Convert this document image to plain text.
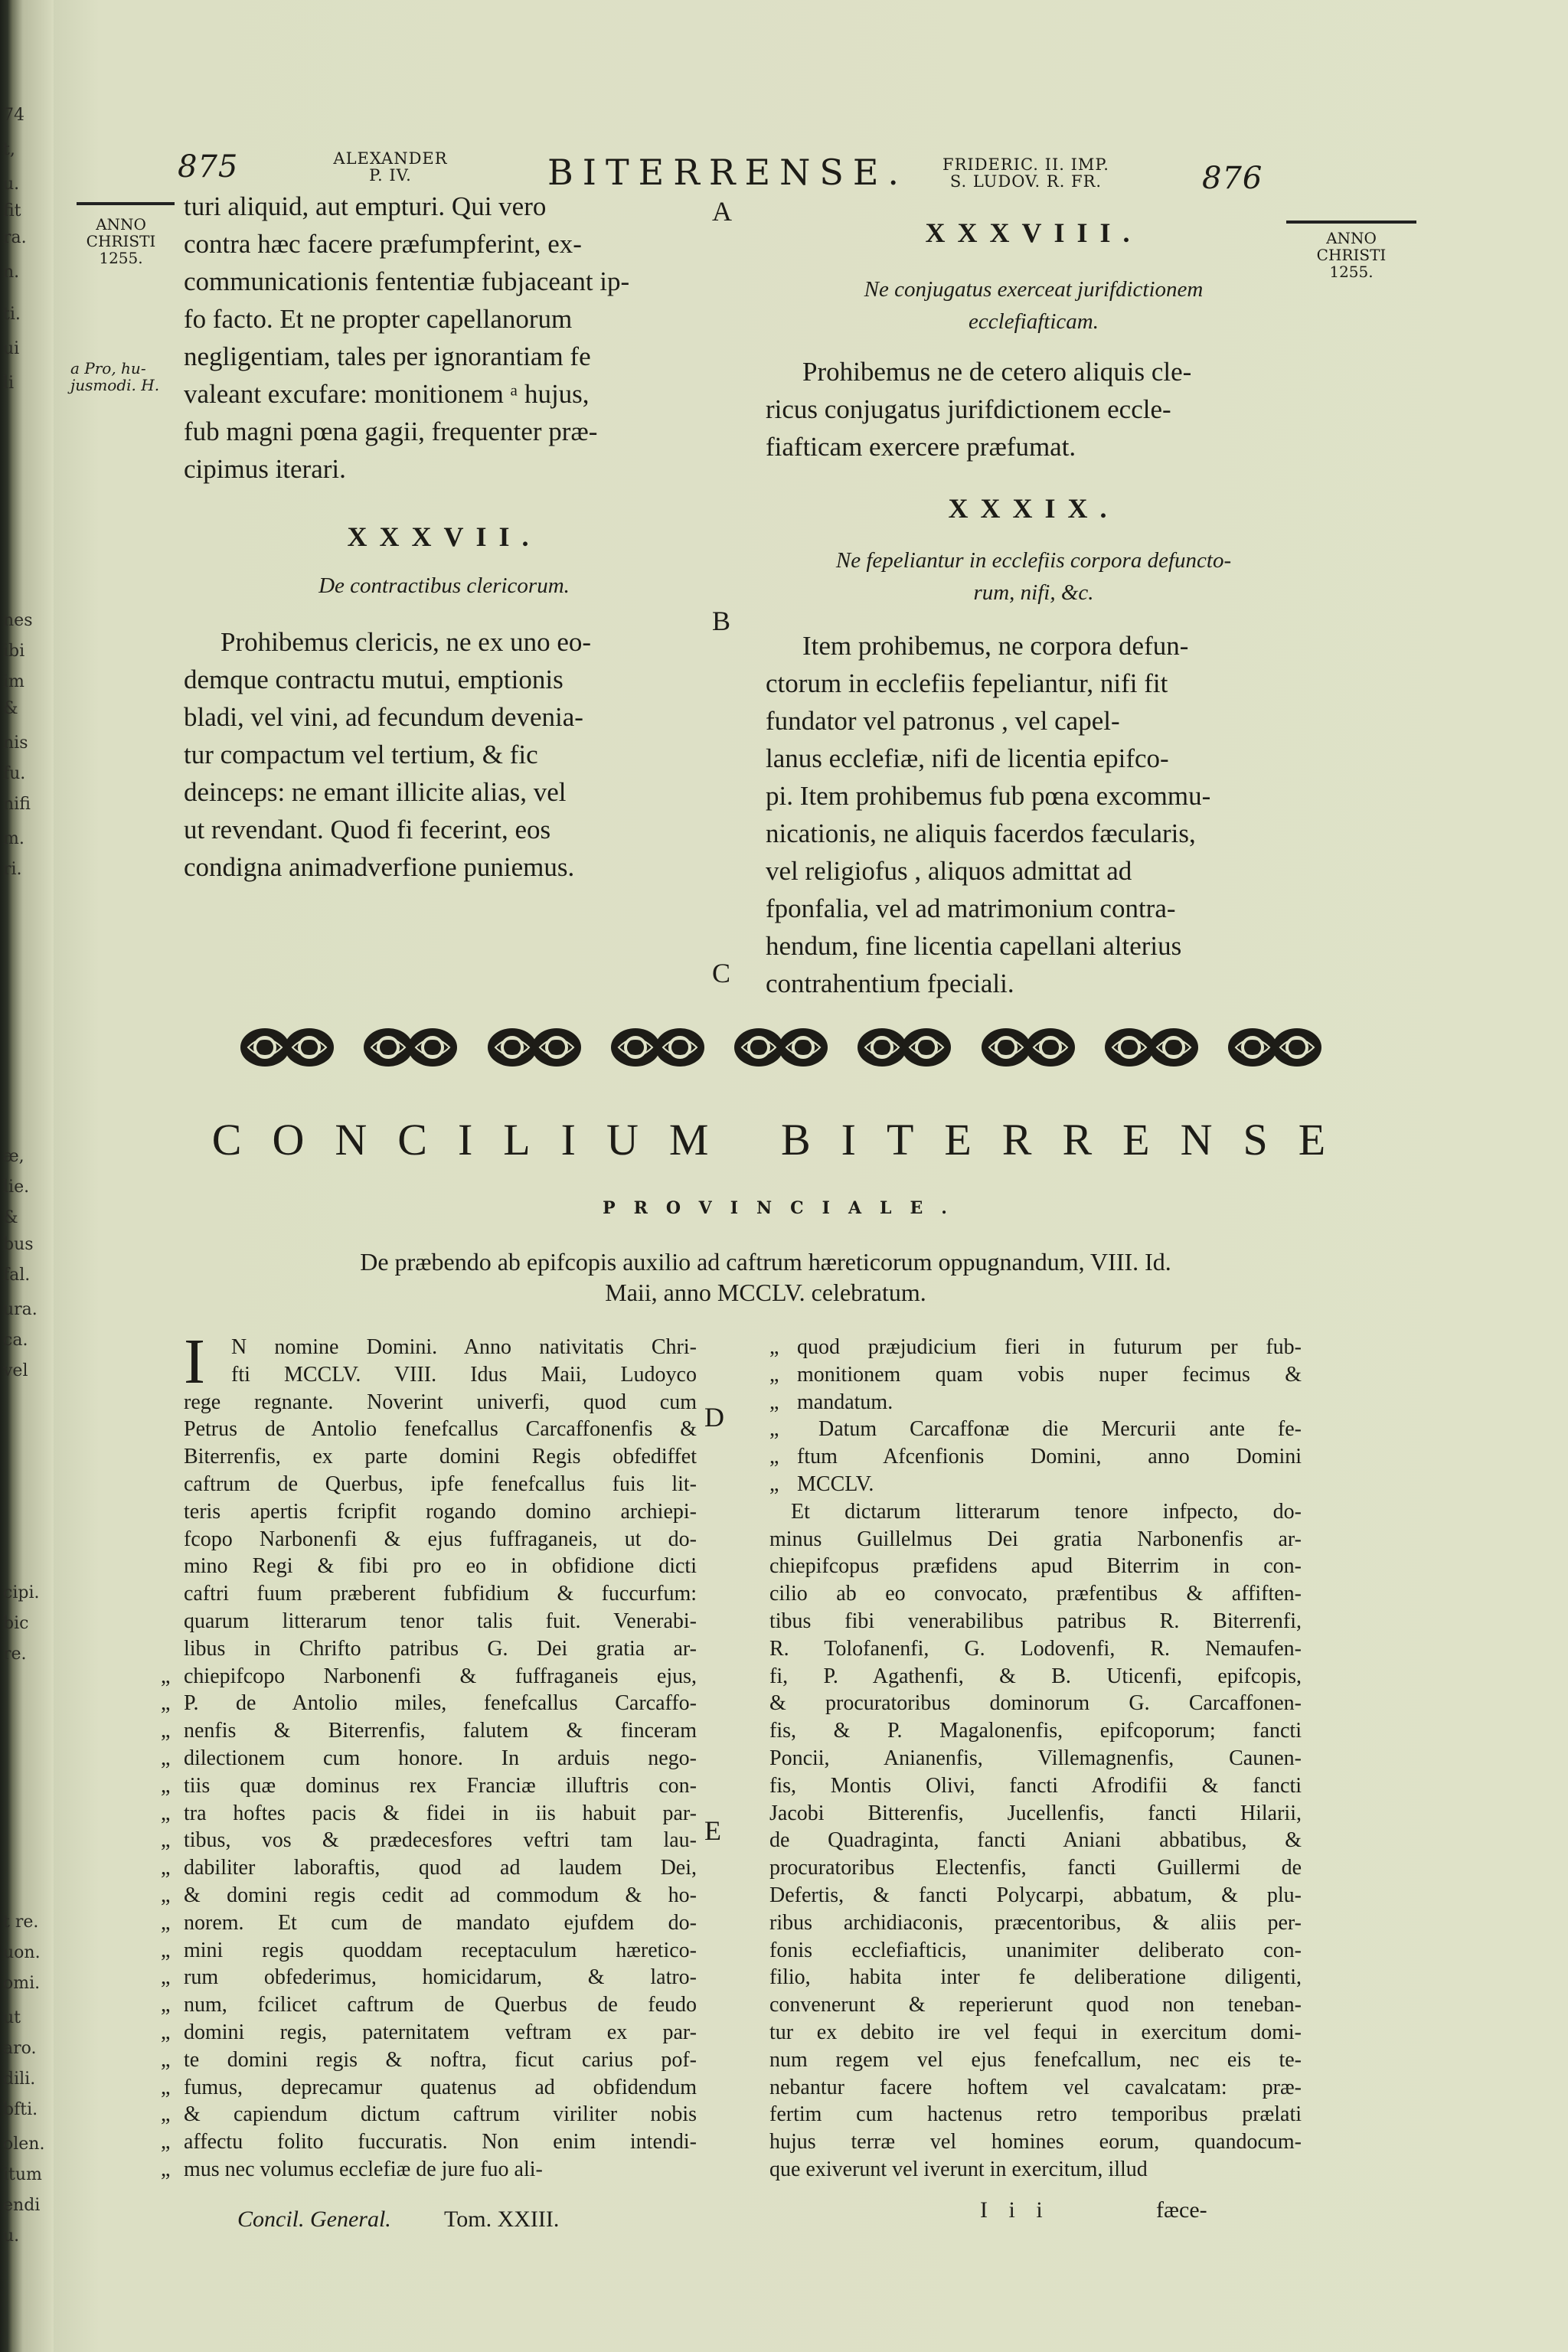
74
t,
u.
fit
ra.
n.
ti.
ui
li
nes
ibi
im
&
nis
fu.
nifi
m.
ri.
æ,
lie.
&
bus
fal.
ura.
ca.
vel
cipi.
bic
re.
t re.
uon.
omi.
ut
aro.
dili.
bfti.
olen.
itum
endi
u.
875	ALEXANDER
P. IV.	BITERRENSE.	FRIDERIC. II. IMP.
S. LUDOV. R. FR.	876
ANNO
CHRISTI
1255.
ANNO
CHRISTI
1255.
a Pro, hu-
jusmodi. H.
A
B
C
D
E
turi aliquid, aut empturi. Qui vero
contra hæc facere præfumpferint, ex-
communicationis fententiæ fubjaceant ip-
fo facto. Et ne propter capellanorum
negligentiam, tales per ignorantiam fe
valeant excufare: monitionem ᵃ hujus,
fub magni pœna gagii, frequenter præ-
cipimus iterari.
XXXVII.
De contractibus clericorum.
Prohibemus clericis, ne ex uno eo-
demque contractu mutui, emptionis
bladi, vel vini, ad fecundum devenia-
tur compactum vel tertium, & fic
deinceps: ne emant illicite alias, vel
ut revendant. Quod fi fecerint, eos
condigna animadverfione puniemus.
XXXVIII.
Ne conjugatus exerceat jurifdictionem
ecclefiafticam.
Prohibemus ne de cetero aliquis cle-
ricus conjugatus jurifdictionem eccle-
fiafticam exercere præfumat.
XXXIX.
Ne fepeliantur in ecclefiis corpora defuncto-
rum, nifi, &c.
Item prohibemus, ne corpora defun-
ctorum in ecclefiis fepeliantur, nifi fit
fundator vel patronus , vel capel-
lanus ecclefiæ, nifi de licentia epifco-
pi. Item prohibemus fub pœna excommu-
nicationis, ne aliquis facerdos fæcularis,
vel religiofus , aliquos admittat ad
fponfalia, vel ad matrimonium contra-
hendum, fine licentia capellani alterius
contrahentium fpeciali.
CONCILIUM BITERRENSE
PROVINCIALE.
De præbendo ab epifcopis auxilio ad caftrum hæreticorum oppugnandum, VIII. Id.
Maii, anno MCCLV. celebratum.
I N nomine Domini. Anno nativitatis Chri-
fti MCCLV. VIII. Idus Maii, Ludoyco
rege regnante. Noverint univerfi, quod cum
Petrus de Antolio fenefcallus Carcaffonenfis &
Biterrenfis, ex parte domini Regis obfediffet
caftrum de Querbus, ipfe fenefcallus fuis lit-
teris apertis fcripfit rogando domino archiepi-
fcopo Narbonenfi & ejus fuffraganeis, ut do-
mino Regi & fibi pro eo in obfidione dicti
caftri fuum præberent fubfidium & fuccurfum:
quarum litterarum tenor talis fuit. Venerabi-
libus in Chrifto patribus G. Dei gratia ar-
„ chiepifcopo Narbonenfi & fuffraganeis ejus,
„ P. de Antolio miles, fenefcallus Carcaffo-
„ nenfis & Biterrenfis, falutem & finceram
„ dilectionem cum honore. In arduis nego-
„ tiis quæ dominus rex Franciæ illuftris con-
„ tra hoftes pacis & fidei in iis habuit par-
„ tibus, vos & prædecesfores veftri tam lau-
„ dabiliter laboraftis, quod ad laudem Dei,
„ & domini regis cedit ad commodum & ho-
„ norem. Et cum de mandato ejufdem do-
„ mini regis quoddam receptaculum hæretico-
„ rum obfederimus, homicidarum, & latro-
„ num, fcilicet caftrum de Querbus de feudo
„ domini regis, paternitatem veftram ex par-
„ te domini regis & noftra, ficut carius pof-
„ fumus, deprecamur quatenus ad obfidendum
„ & capiendum dictum caftrum viriliter nobis
„ affectu folito fuccuratis. Non enim intendi-
„ mus nec volumus ecclefiæ de jure fuo ali-
„ quod præjudicium fieri in futurum per fub-
„ monitionem quam vobis nuper fecimus &
„ mandatum.
„ Datum Carcaffonæ die Mercurii ante fe-
„ ftum Afcenfionis Domini, anno Domini
„ MCCLV.
Et dictarum litterarum tenore infpecto, do-
minus Guillelmus Dei gratia Narbonenfis ar-
chiepifcopus præfidens apud Biterrim in con-
cilio ab eo convocato, præfentibus & affiften-
tibus fibi venerabilibus patribus R. Biterrenfi,
R. Tolofanenfi, G. Lodovenfi, R. Nemaufen-
fi, P. Agathenfi, & B. Uticenfi, epifcopis,
& procuratoribus dominorum G. Carcaffonen-
fis, & P. Magalonenfis, epifcoporum; fancti
Poncii, Anianenfis, Villemagnenfis, Caunen-
fis, Montis Olivi, fancti Afrodifii & fancti
Jacobi Bitterenfis, Jucellenfis, fancti Hilarii,
de Quadraginta, fancti Aniani abbatibus, &
procuratoribus Electenfis, fancti Guillermi de
Defertis, & fancti Polycarpi, abbatum, & plu-
ribus archidiaconis, præcentoribus, & aliis per-
fonis ecclefiafticis, unanimiter deliberato con-
filio, habita inter fe deliberatione diligenti,
convenerunt & reperierunt quod non teneban-
tur ex debito ire vel fequi in exercitum domi-
num regem vel ejus fenefcallum, nec eis te-
nebantur facere hoftem vel cavalcatam: præ-
fertim cum hactenus retro temporibus prælati
hujus terræ vel homines eorum, quandocum-
que exiverunt vel iverunt in exercitum, illud
Concil. General. Tom. XXIII.	I i i	fæce-
